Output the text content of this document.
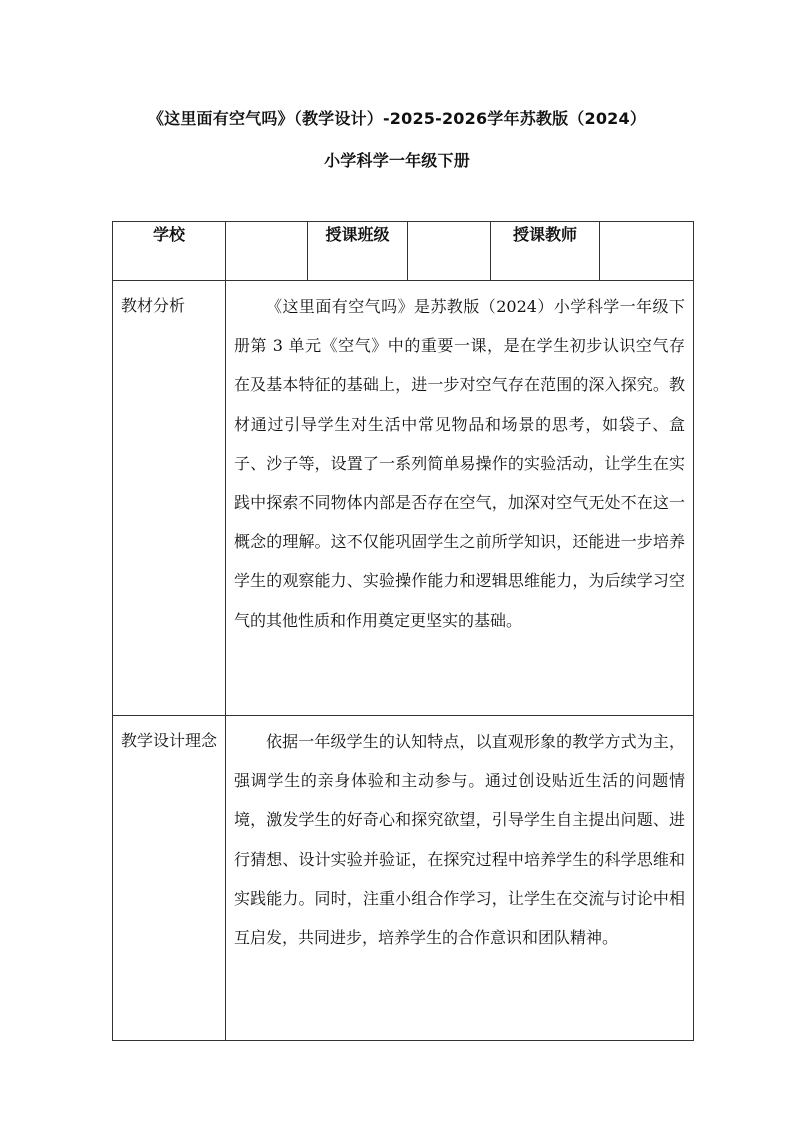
《这里面有空气吗》（教学设计）-2025-2026学年苏教版（2024）
小学科学一年级下册
学校		授课班级		授课教师	
教材分析	《这里面有空气吗》是苏教版（2024）小学科学一年级下册第 3 单元《空气》中的重要一课，是在学生初步认识空气存在及基本特征的基础上，进一步对空气存在范围的深入探究。教材通过引导学生对生活中常见物品和场景的思考，如袋子、盒子、沙子等，设置了一系列简单易操作的实验活动，让学生在实践中探索不同物体内部是否存在空气，加深对空气无处不在这一概念的理解。这不仅能巩固学生之前所学知识，还能进一步培养学生的观察能力、实验操作能力和逻辑思维能力，为后续学习空气的其他性质和作用奠定更坚实的基础。				

教学设计理念	依据一年级学生的认知特点，以直观形象的教学方式为主，强调学生的亲身体验和主动参与。通过创设贴近生活的问题情境，激发学生的好奇心和探究欲望，引导学生自主提出问题、进行猜想、设计实验并验证，在探究过程中培养学生的科学思维和实践能力。同时，注重小组合作学习，让学生在交流与讨论中相互启发，共同进步，培养学生的合作意识和团队精神。				
